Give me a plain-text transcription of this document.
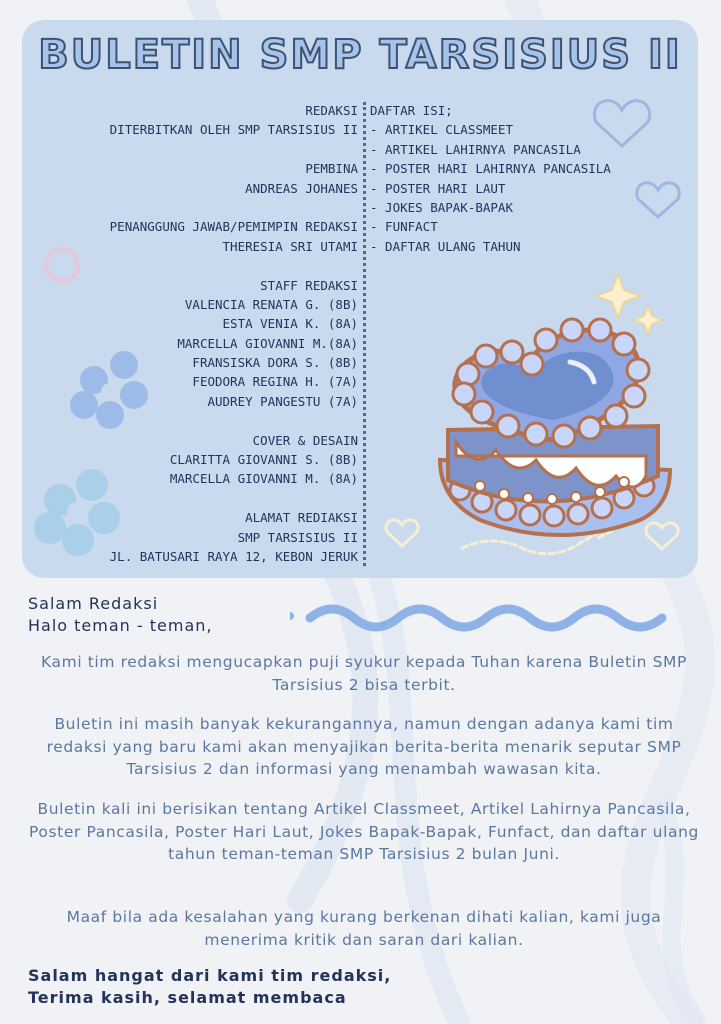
BULETIN SMP TARSISIUS II
REDAKSI
DITERBITKAN OLEH SMP TARSISIUS II
PEMBINA
ANDREAS JOHANES
PENANGGUNG JAWAB/PEMIMPIN REDAKSI
THERESIA SRI UTAMI
STAFF REDAKSI
VALENCIA RENATA G. (8B)
ESTA VENIA K. (8A)
MARCELLA GIOVANNI M.(8A)
FRANSISKA DORA S. (8B)
FEODORA REGINA H. (7A)
AUDREY PANGESTU (7A)
COVER & DESAIN
CLARITTA GIOVANNI S. (8B)
MARCELLA GIOVANNI M. (8A)
ALAMAT REDIAKSI
SMP TARSISIUS II
JL. BATUSARI RAYA 12, KEBON JERUK
DAFTAR ISI;
- ARTIKEL CLASSMEET
- ARTIKEL LAHIRNYA PANCASILA
- POSTER HARI LAHIRNYA PANCASILA
- POSTER HARI LAUT
- JOKES BAPAK-BAPAK
- FUNFACT
- DAFTAR ULANG TAHUN
Salam Redaksi
Halo teman - teman,
Kami tim redaksi mengucapkan puji syukur kepada Tuhan karena Buletin SMP Tarsisius 2 bisa terbit.
Buletin ini masih banyak kekurangannya, namun dengan adanya kami tim redaksi yang baru kami akan menyajikan berita-berita menarik seputar SMP Tarsisius 2 dan informasi yang menambah wawasan kita.
Buletin kali ini berisikan tentang Artikel Classmeet, Artikel Lahirnya Pancasila, Poster Pancasila, Poster Hari Laut, Jokes Bapak-Bapak, Funfact, dan daftar ulang tahun teman-teman SMP Tarsisius 2 bulan Juni.
Maaf bila ada kesalahan yang kurang berkenan dihati kalian, kami juga menerima kritik dan saran dari kalian.
Salam hangat dari kami tim redaksi,
Terima kasih, selamat membaca
